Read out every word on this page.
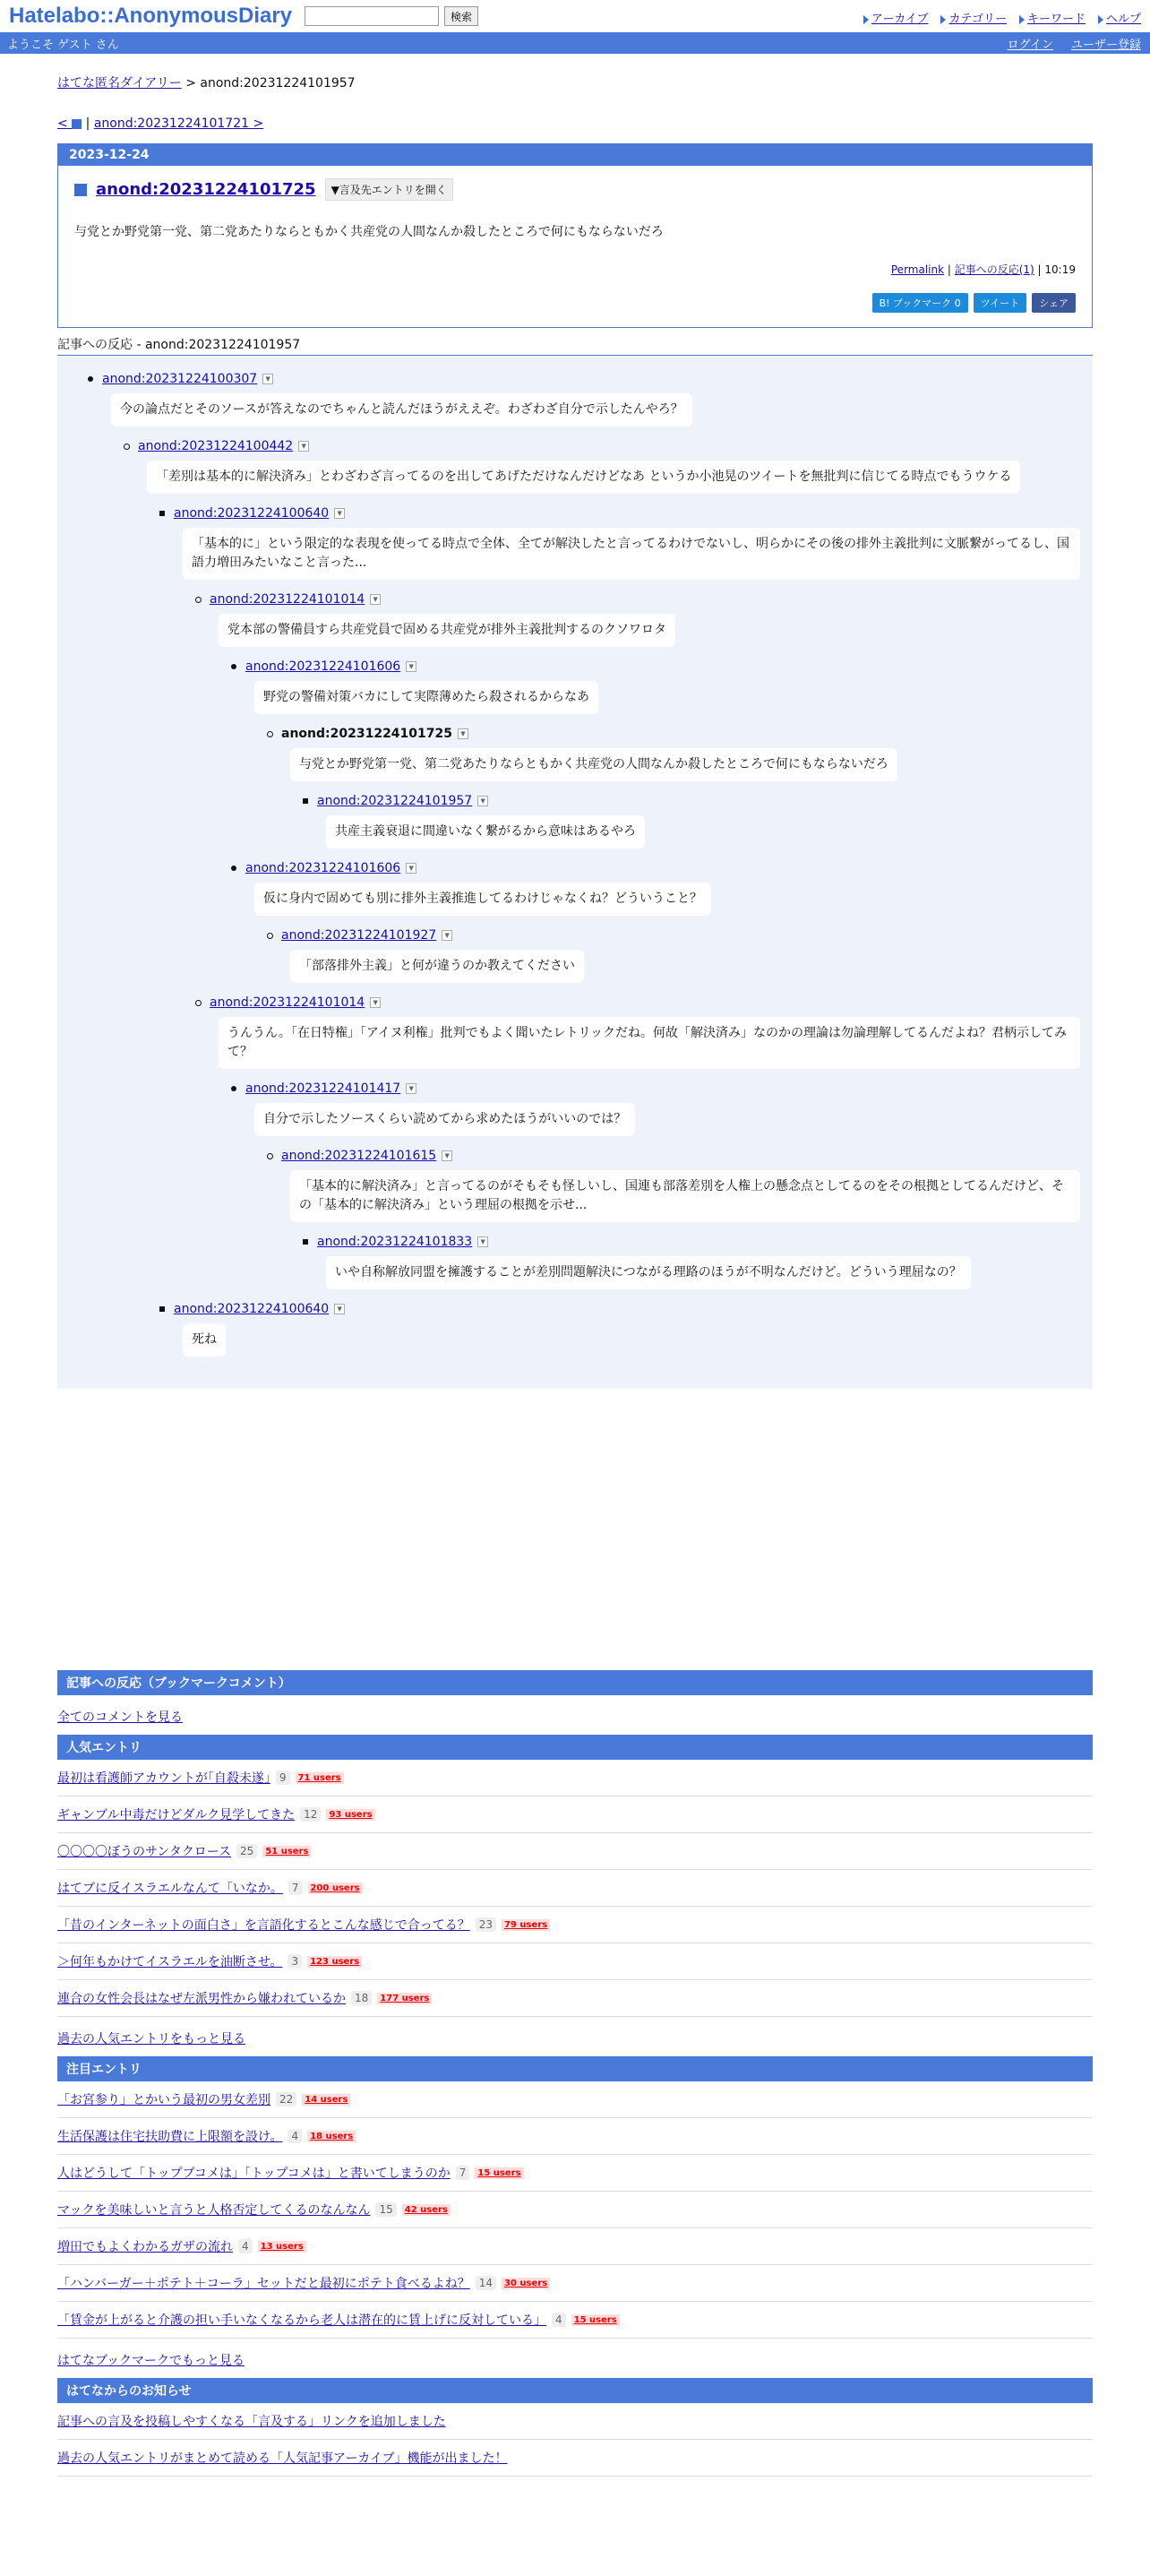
Hatelabo::AnonymousDiary	検索	アーカイブ	カテゴリー	キーワード	ヘルプ
ようこそ ゲスト さん	ログイン ユーザー登録
はてな匿名ダイアリー > anond:20231224101957
< | anond:20231224101721 >
2023-12-24
anond:20231224101725	▼言及先エントリを開く
与党とか野党第一党、第二党あたりならともかく共産党の人間なんか殺したところで何にもならないだろ
Permalink | 記事への反応(1) | 10:19
B! ブックマーク 0	ツイート	シェア
記事への反応 - anond:20231224101957
anond:20231224100307	▼
今の論点だとそのソースが答えなのでちゃんと読んだほうがええぞ。わざわざ自分で示したんやろ？
anond:20231224100442	▼
「差別は基本的に解決済み」とわざわざ言ってるのを出してあげただけなんだけどなあ というか小池晃のツイートを無批判に信じてる時点でもうウケる
anond:20231224100640	▼
「基本的に」という限定的な表現を使ってる時点で全体、全てが解決したと言ってるわけでないし、明らかにその後の排外主義批判に文脈繋がってるし、国語力増田みたいなこと言った...
anond:20231224101014	▼
党本部の警備員すら共産党員で固める共産党が排外主義批判するのクソワロタ
anond:20231224101606	▼
野党の警備対策バカにして実際薄めたら殺されるからなあ
anond:20231224101725	▼
与党とか野党第一党、第二党あたりならともかく共産党の人間なんか殺したところで何にもならないだろ
anond:20231224101957	▼
共産主義衰退に間違いなく繋がるから意味はあるやろ
anond:20231224101606	▼
仮に身内で固めても別に排外主義推進してるわけじゃなくね？どういうこと？
anond:20231224101927	▼
「部落排外主義」と何が違うのか教えてください
anond:20231224101014	▼
うんうん。「在日特権」「アイヌ利権」批判でもよく聞いたレトリックだね。何故「解決済み」なのかの理論は勿論理解してるんだよね？君柄示してみて？
anond:20231224101417	▼
自分で示したソースくらい読めてから求めたほうがいいのでは？
anond:20231224101615	▼
「基本的に解決済み」と言ってるのがそもそも怪しいし、国連も部落差別を人権上の懸念点としてるのをその根拠としてるんだけど、その「基本的に解決済み」という理屈の根拠を示せ...
anond:20231224101833	▼
いや自称解放同盟を擁護することが差別問題解決につながる理路のほうが不明なんだけど。どういう理屈なの？
anond:20231224100640	▼
死ね
記事への反応（ブックマークコメント）
全てのコメントを見る
人気エントリ
最初は看護師アカウントが｢自殺未遂｣ 9	71 users
ギャンブル中毒だけどダルク見学してきた 12	93 users
〇〇〇〇ぼうのサンタクロース 25	51 users
はてブに反イスラエルなんて「いなか。 7	200 users
「昔のインターネットの面白さ」を言語化するとこんな感じで合ってる？ 23	79 users
＞何年もかけてイスラエルを油断させ。 3	123 users
連合の女性会長はなぜ左派男性から嫌われているか 18	177 users
過去の人気エントリをもっと見る
注目エントリ
「お宮参り」とかいう最初の男女差別 22	14 users
生活保護は住宅扶助費に上限額を設け。 4	18 users
人はどうして「トップブコメは」「トップコメは」と書いてしまうのか 7	15 users
マックを美味しいと言うと人格否定してくるのなんなん 15	42 users
増田でもよくわかるガザの流れ 4	13 users
「ハンバーガー＋ポテト＋コーラ」セットだと最初にポテト食べるよね？ 14	30 users
「賃金が上がると介護の担い手いなくなるから老人は潜在的に賃上げに反対している」 4	15 users
はてなブックマークでもっと見る
はてなからのお知らせ
記事への言及を投稿しやすくなる「言及する」リンクを追加しました
過去の人気エントリがまとめて読める「人気記事アーカイブ」機能が出ました！
